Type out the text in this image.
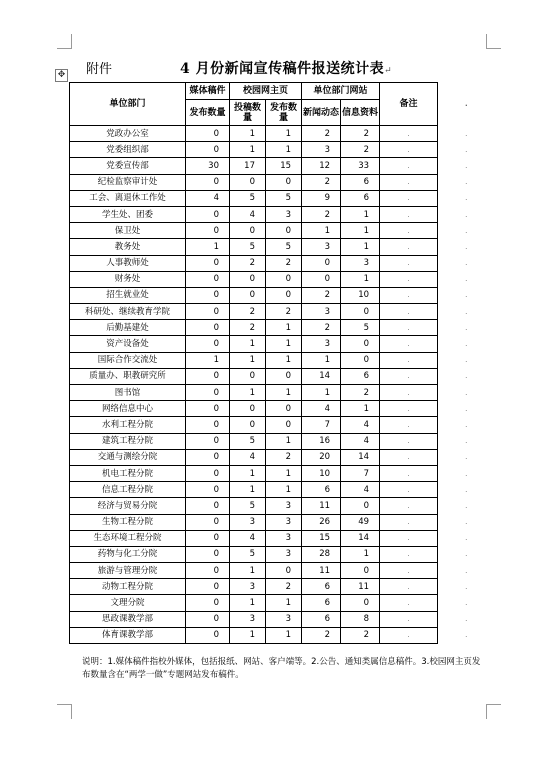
✥ 附件	4 月份新闻宣传稿件报送统计表↵
单位部门	媒体稿件	校园网主页		单位部门网站		备注	.
	发布数量	投稿数量	发布数量	新闻动态	信息资料		
党政办公室	0	1	1	2	2	.	.
党委组织部	0	1	1	3	2	.	.
党委宣传部	30	17	15	12	33	.	.
纪检监察审计处	0	0	0	2	6	.	.
工会、离退休工作处	4	5	5	9	6	.	.
学生处、团委	0	4	3	2	1	.	.
保卫处	0	0	0	1	1	.	.
教务处	1	5	5	3	1	.	.
人事教师处	0	2	2	0	3	.	.
财务处	0	0	0	0	1	.	.
招生就业处	0	0	0	2	10	.	.
科研处、继续教育学院	0	2	2	3	0	.	.
后勤基建处	0	2	1	2	5	.	.
资产设备处	0	1	1	3	0	.	.
国际合作交流处	1	1	1	1	0	.	.
质量办、职教研究所	0	0	0	14	6	.	.
图书馆	0	1	1	1	2	.	.
网络信息中心	0	0	0	4	1	.	.
水利工程分院	0	0	0	7	4	.	.
建筑工程分院	0	5	1	16	4	.	.
交通与测绘分院	0	4	2	20	14	.	.
机电工程分院	0	1	1	10	7	.	.
信息工程分院	0	1	1	6	4	.	.
经济与贸易分院	0	5	3	11	0	.	.
生物工程分院	0	3	3	26	49	.	.
生态环境工程分院	0	4	3	15	14	.	.
药物与化工分院	0	5	3	28	1	.	.
旅游与管理分院	0	1	0	11	0	.	.
动物工程分院	0	3	2	6	11	.	.
文理分院	0	1	1	6	0	.	.
思政课教学部	0	3	3	6	8	.	.
体育课教学部	0	1	1	2	2	.	.
说明：1.媒体稿件指校外媒体，包括报纸、网站、客户端等。2.公告、通知类属信息稿件。3.校园网主页发布数量含在“两学一做”专题网站发布稿件。
